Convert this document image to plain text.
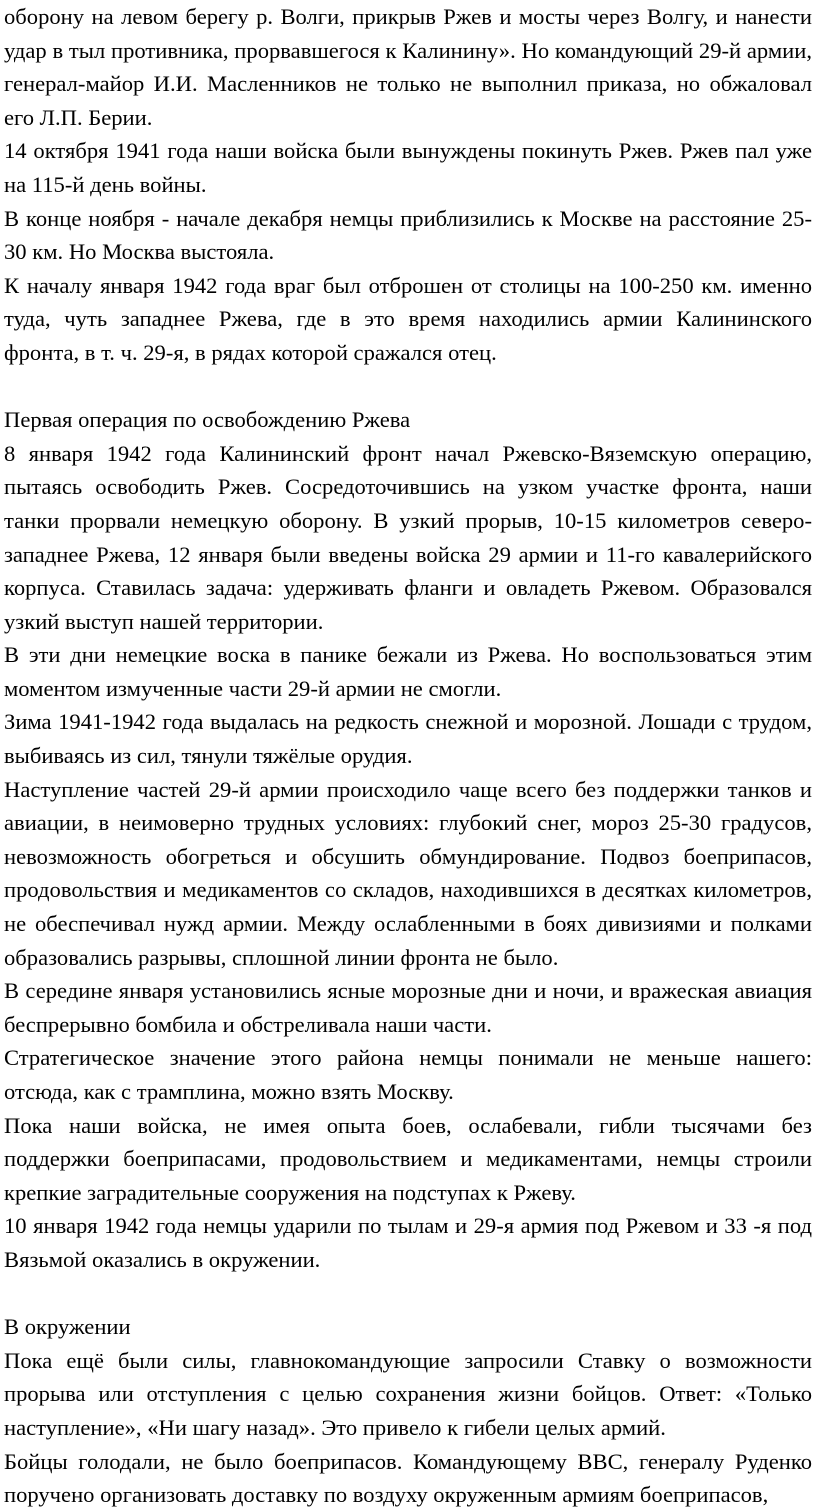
оборону на левом берегу р. Волги, прикрыв Ржев и мосты через Волгу, и нанести удар в тыл противника, прорвавшегося к Калинину». Но командующий 29-й армии, генерал-майор И.И. Масленников не только не выполнил приказа, но обжаловал его Л.П. Берии.

14 октября 1941 года наши войска были вынуждены покинуть Ржев. Ржев пал уже на 115-й день войны.

В конце ноября - начале декабря немцы приблизились к Москве на расстояние 25-30 км. Но Москва выстояла.

К началу января 1942 года враг был отброшен от столицы на 100-250 км. именно туда, чуть западнее Ржева, где в это время находились армии Калининского фронта, в т. ч. 29-я, в рядах которой сражался отец.

Первая операция по освобождению Ржева

8 января 1942 года Калининский фронт начал Ржевско-Вяземскую операцию, пытаясь освободить Ржев. Сосредоточившись на узком участке фронта, наши танки прорвали немецкую оборону. В узкий прорыв, 10-15 километров северо-западнее Ржева, 12 января были введены войска 29 армии и 11-го кавалерийского корпуса. Ставилась задача: удерживать фланги и овладеть Ржевом. Образовался узкий выступ нашей территории.

В эти дни немецкие воска в панике бежали из Ржева. Но воспользоваться этим моментом измученные части 29-й армии не смогли.

Зима 1941-1942 года выдалась на редкость снежной и морозной. Лошади с трудом, выбиваясь из сил, тянули тяжёлые орудия.

Наступление частей 29-й армии происходило чаще всего без поддержки танков и авиации, в неимоверно трудных условиях: глубокий снег, мороз 25-30 градусов, невозможность обогреться и обсушить обмундирование. Подвоз боеприпасов, продовольствия и медикаментов со складов, находившихся в десятках километров, не обеспечивал нужд армии. Между ослабленными в боях дивизиями и полками образовались разрывы, сплошной линии фронта не было.

В середине января установились ясные морозные дни и ночи, и вражеская авиация беспрерывно бомбила и обстреливала наши части.

Стратегическое значение этого района немцы понимали не меньше нашего: отсюда, как с трамплина, можно взять Москву.

Пока наши войска, не имея опыта боев, ослабевали, гибли тысячами без поддержки боеприпасами, продовольствием и медикаментами, немцы строили крепкие заградительные сооружения на подступах к Ржеву.

10 января 1942 года немцы ударили по тылам и 29-я армия под Ржевом и 33 -я под Вязьмой оказались в окружении.

В окружении

Пока ещё были силы, главнокомандующие запросили Ставку о возможности прорыва или отступления с целью сохранения жизни бойцов. Ответ: «Только наступление», «Ни шагу назад». Это привело к гибели целых армий.

Бойцы голодали, не было боеприпасов. Командующему ВВС, генералу Руденко поручено организовать доставку по воздуху окруженным армиям боеприпасов,
